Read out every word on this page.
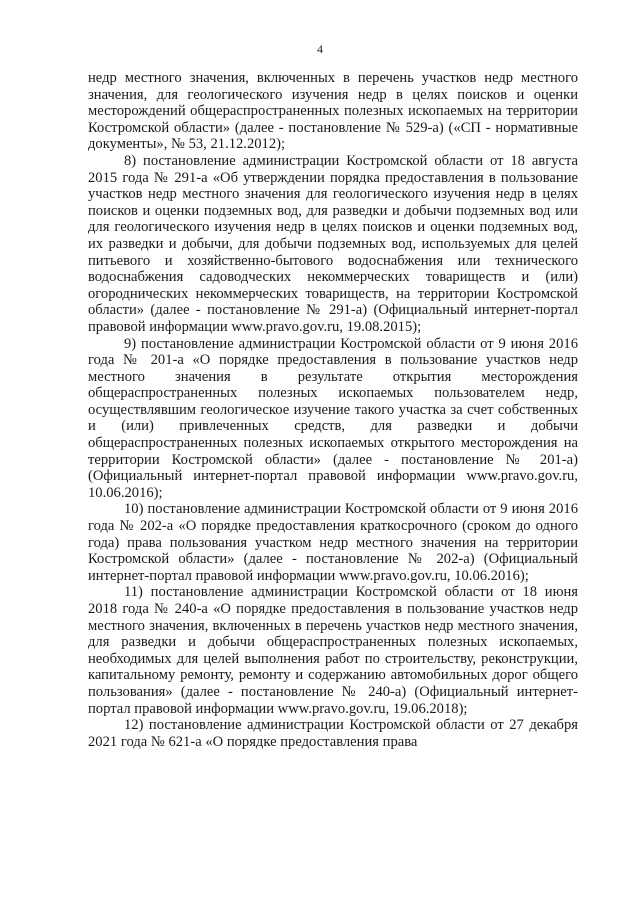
4

недр местного значения, включенных в перечень участков недр местного значения, для геологического изучения недр в целях поисков и оценки месторождений общераспространенных полезных ископаемых на территории Костромской области» (далее - постановление № 529-а) («СП - нормативные документы», № 53, 21.12.2012);

8) постановление администрации Костромской области от 18 августа 2015 года № 291-а «Об утверждении порядка предоставления в пользование участков недр местного значения для геологического изучения недр в целях поисков и оценки подземных вод, для разведки и добычи подземных вод или для геологического изучения недр в целях поисков и оценки подземных вод, их разведки и добычи, для добычи подземных вод, используемых для целей питьевого и хозяйственно-бытового водоснабжения или технического водоснабжения садоводческих некоммерческих товариществ и (или) огороднических некоммерческих товариществ, на территории Костромской области» (далее - постановление № 291-а) (Официальный интернет-портал правовой информации www.pravo.gov.ru, 19.08.2015);

9) постановление администрации Костромской области от 9 июня 2016 года № 201-а «О порядке предоставления в пользование участков недр местного значения в результате открытия месторождения общераспространенных полезных ископаемых пользователем недр, осуществлявшим геологическое изучение такого участка за счет собственных и (или) привлеченных средств, для разведки и добычи общераспространенных полезных ископаемых открытого месторождения на территории Костромской области» (далее - постановление № 201-а) (Официальный интернет-портал правовой информации www.pravo.gov.ru, 10.06.2016);

10) постановление администрации Костромской области от 9 июня 2016 года № 202-а «О порядке предоставления краткосрочного (сроком до одного года) права пользования участком недр местного значения на территории Костромской области» (далее - постановление № 202-а) (Официальный интернет-портал правовой информации www.pravo.gov.ru, 10.06.2016);

11) постановление администрации Костромской области от 18 июня 2018 года № 240-а «О порядке предоставления в пользование участков недр местного значения, включенных в перечень участков недр местного значения, для разведки и добычи общераспространенных полезных ископаемых, необходимых для целей выполнения работ по строительству, реконструкции, капитальному ремонту, ремонту и содержанию автомобильных дорог общего пользования» (далее - постановление № 240-а) (Официальный интернет-портал правовой информации www.pravo.gov.ru, 19.06.2018);

12) постановление администрации Костромской области от 27 декабря 2021 года № 621-а «О порядке предоставления права
